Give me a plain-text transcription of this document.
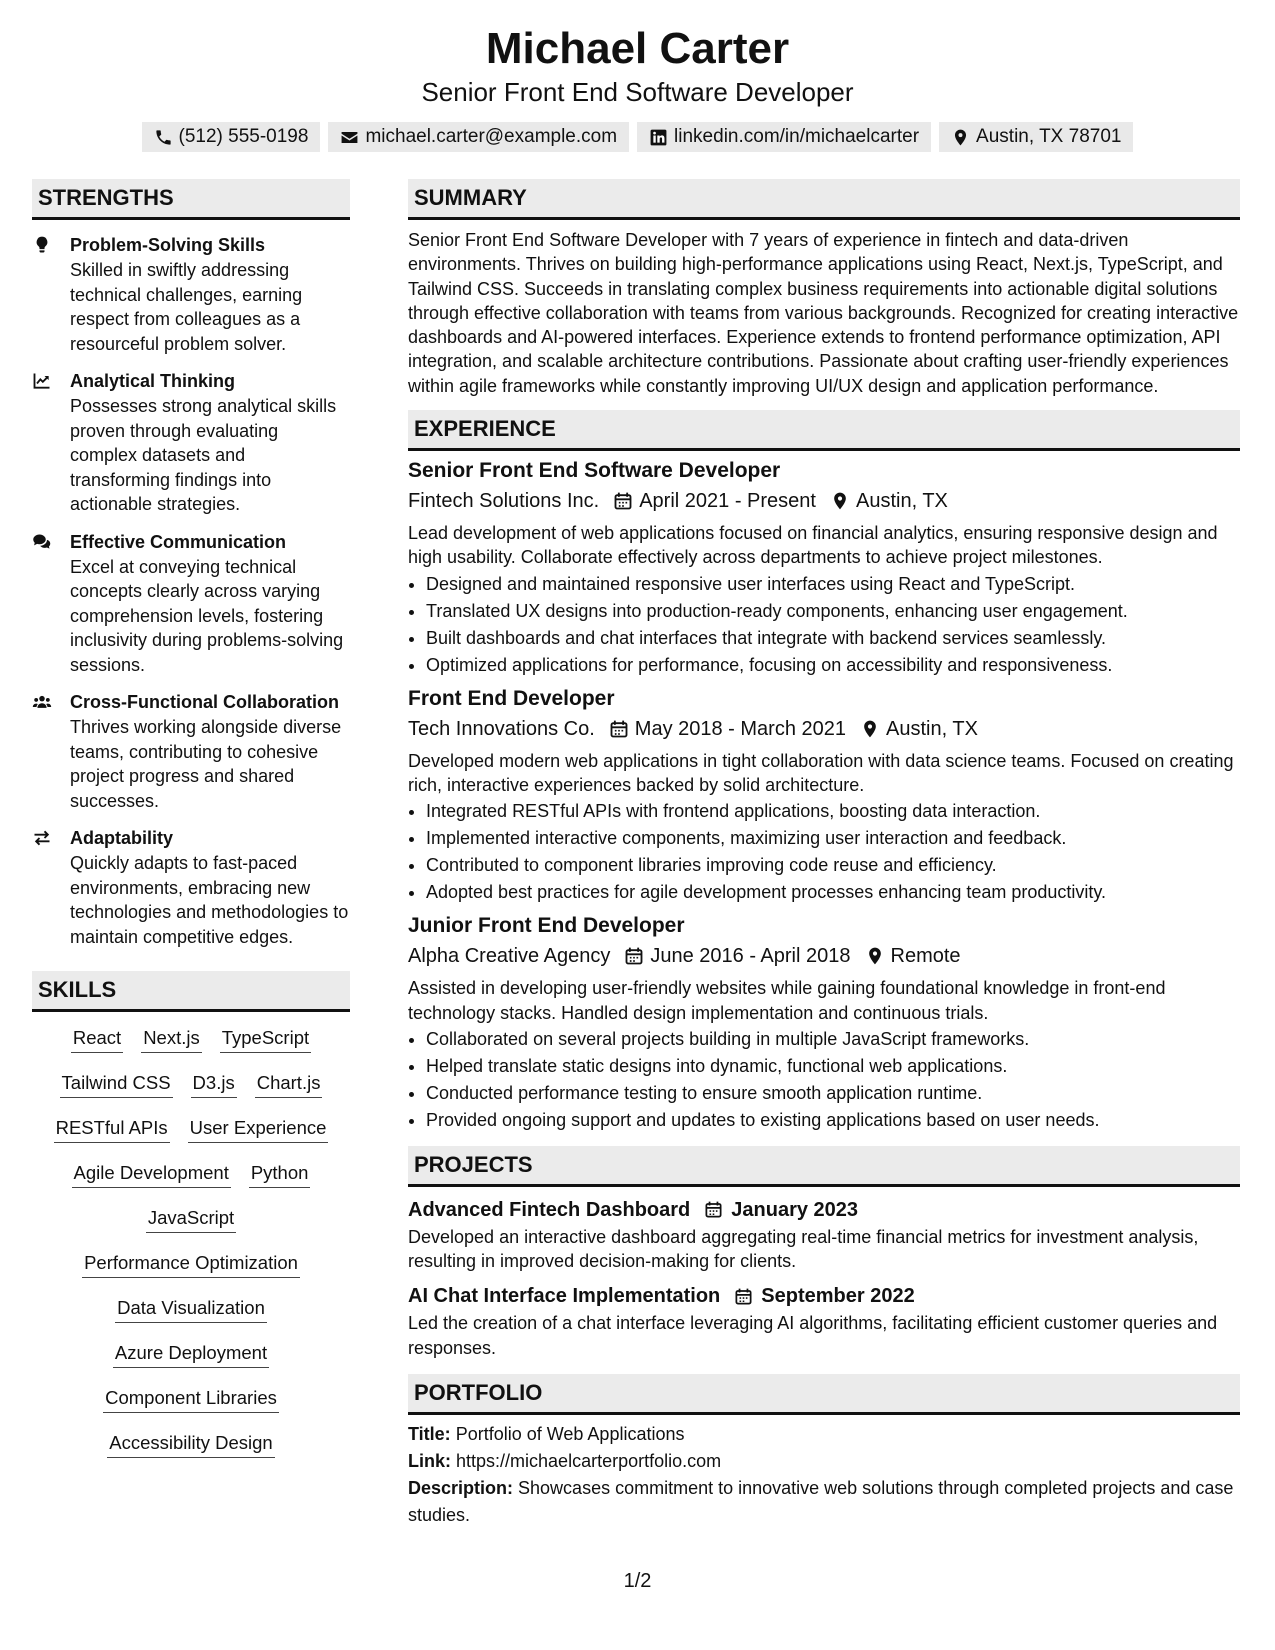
Michael Carter
Senior Front End Software Developer
(512) 555-0198	michael.carter@example.com	linkedin.com/in/michaelcarter	Austin, TX 78701
STRENGTHS
Problem-Solving Skills
Skilled in swiftly addressing technical challenges, earning respect from colleagues as a resourceful problem solver.
Analytical Thinking
Possesses strong analytical skills proven through evaluating complex datasets and transforming findings into actionable strategies.
Effective Communication
Excel at conveying technical concepts clearly across varying comprehension levels, fostering inclusivity during problems-solving sessions.
Cross-Functional Collaboration
Thrives working alongside diverse teams, contributing to cohesive project progress and shared successes.
Adaptability
Quickly adapts to fast-paced environments, embracing new technologies and methodologies to maintain competitive edges.
SKILLS
React Next.js TypeScript
Tailwind CSS D3.js Chart.js
RESTful APIs User Experience
Agile Development Python
JavaScript
Performance Optimization
Data Visualization
Azure Deployment
Component Libraries
Accessibility Design
SUMMARY
Senior Front End Software Developer with 7 years of experience in fintech and data-driven environments. Thrives on building high-performance applications using React, Next.js, TypeScript, and Tailwind CSS. Succeeds in translating complex business requirements into actionable digital solutions through effective collaboration with teams from various backgrounds. Recognized for creating interactive dashboards and AI-powered interfaces. Experience extends to frontend performance optimization, API integration, and scalable architecture contributions. Passionate about crafting user-friendly experiences within agile frameworks while constantly improving UI/UX design and application performance.
EXPERIENCE
Senior Front End Software Developer
Fintech Solutions Inc. April 2021 - Present Austin, TX
Lead development of web applications focused on financial analytics, ensuring responsive design and high usability. Collaborate effectively across departments to achieve project milestones.
• Designed and maintained responsive user interfaces using React and TypeScript.
• Translated UX designs into production-ready components, enhancing user engagement.
• Built dashboards and chat interfaces that integrate with backend services seamlessly.
• Optimized applications for performance, focusing on accessibility and responsiveness.
Front End Developer
Tech Innovations Co. May 2018 - March 2021 Austin, TX
Developed modern web applications in tight collaboration with data science teams. Focused on creating rich, interactive experiences backed by solid architecture.
• Integrated RESTful APIs with frontend applications, boosting data interaction.
• Implemented interactive components, maximizing user interaction and feedback.
• Contributed to component libraries improving code reuse and efficiency.
• Adopted best practices for agile development processes enhancing team productivity.
Junior Front End Developer
Alpha Creative Agency June 2016 - April 2018 Remote
Assisted in developing user-friendly websites while gaining foundational knowledge in front-end technology stacks. Handled design implementation and continuous trials.
• Collaborated on several projects building in multiple JavaScript frameworks.
• Helped translate static designs into dynamic, functional web applications.
• Conducted performance testing to ensure smooth application runtime.
• Provided ongoing support and updates to existing applications based on user needs.
PROJECTS
Advanced Fintech Dashboard January 2023
Developed an interactive dashboard aggregating real-time financial metrics for investment analysis, resulting in improved decision-making for clients.
AI Chat Interface Implementation September 2022
Led the creation of a chat interface leveraging AI algorithms, facilitating efficient customer queries and responses.
PORTFOLIO
Title: Portfolio of Web Applications
Link: https://michaelcarterportfolio.com
Description: Showcases commitment to innovative web solutions through completed projects and case studies.
1/2
